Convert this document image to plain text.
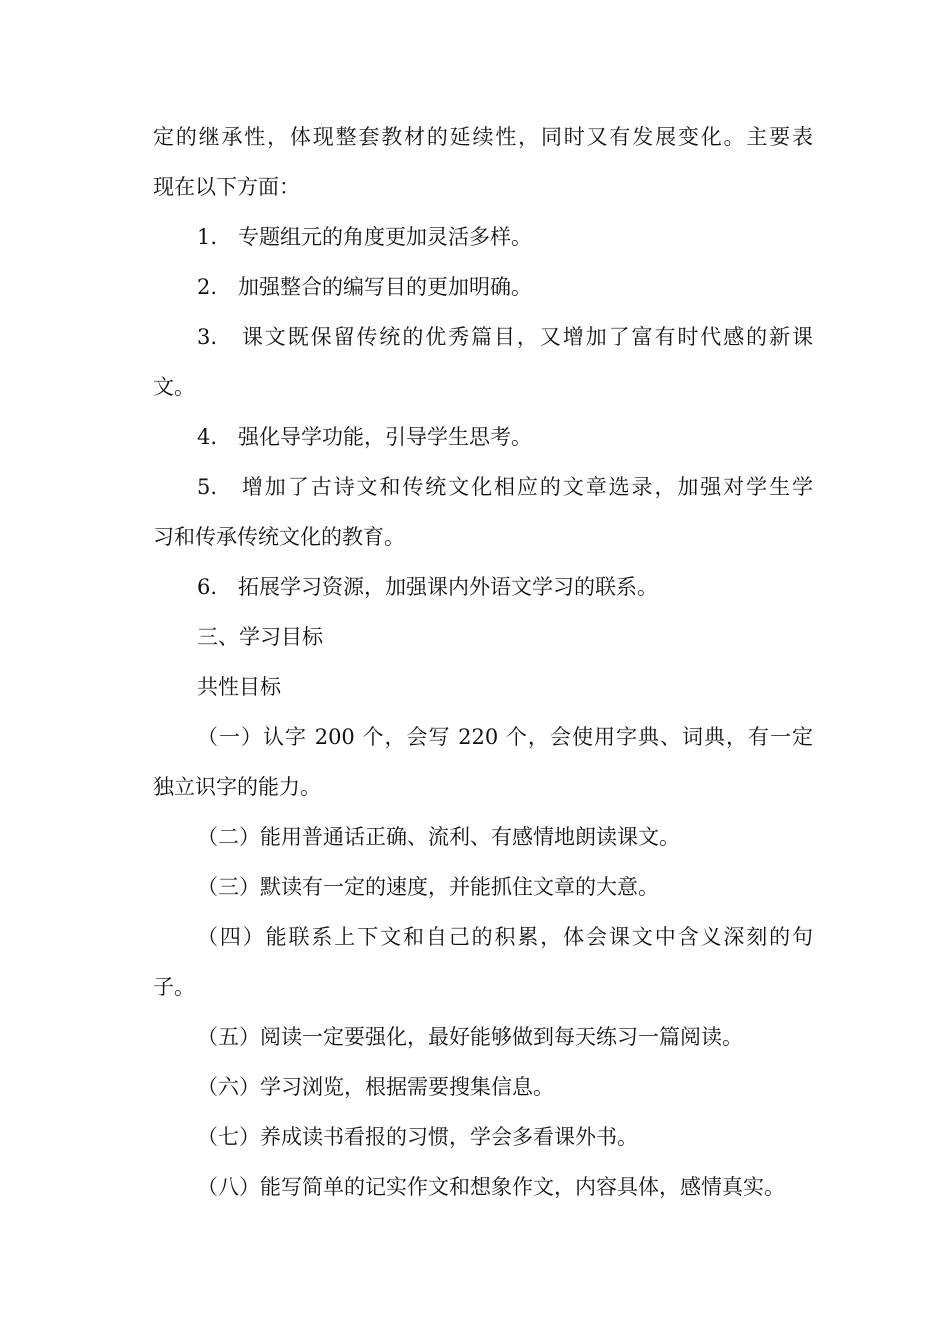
定的继承性，体现整套教材的延续性，同时又有发展变化。主要表
现在以下方面：
1.　专题组元的角度更加灵活多样。
2.　加强整合的编写目的更加明确。
3.　课文既保留传统的优秀篇目，又增加了富有时代感的新课
文。
4.　强化导学功能，引导学生思考。
5.　增加了古诗文和传统文化相应的文章选录，加强对学生学
习和传承传统文化的教育。
6.　拓展学习资源，加强课内外语文学习的联系。
三、学习目标
共性目标
（一）认字 200 个，会写 220 个，会使用字典、词典，有一定
独立识字的能力。
（二）能用普通话正确、流利、有感情地朗读课文。
（三）默读有一定的速度，并能抓住文章的大意。
（四）能联系上下文和自己的积累，体会课文中含义深刻的句
子。
（五）阅读一定要强化，最好能够做到每天练习一篇阅读。
（六）学习浏览，根据需要搜集信息。
（七）养成读书看报的习惯，学会多看课外书。
（八）能写简单的记实作文和想象作文，内容具体，感情真实。
